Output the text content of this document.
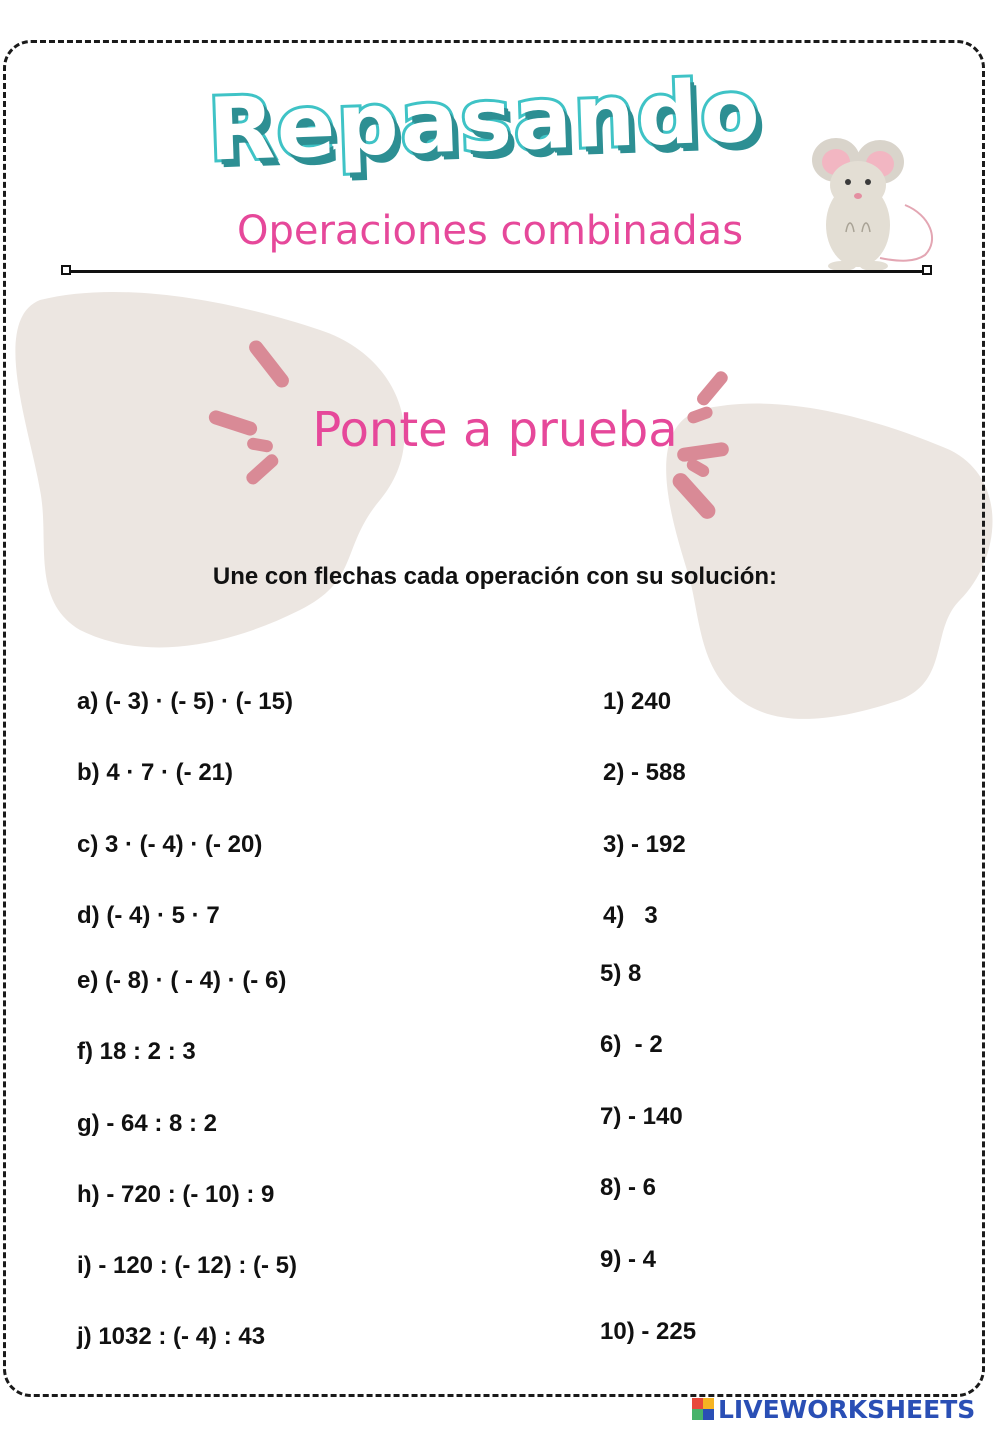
Repasando
Operaciones combinadas
Ponte a prueba
Une con flechas cada operación con su solución:
a) (- 3) · (- 5) · (- 15)
b) 4 · 7 · (- 21)
c) 3 · (- 4) · (- 20)
d) (- 4) · 5 · 7
e) (- 8) · ( - 4) · (- 6)
f) 18 : 2 : 3
g) - 64 : 8 : 2
h) - 720 : (- 10) : 9
i) - 120 : (- 12) : (- 5)
j) 1032 : (- 4) : 43
1) 240
2) - 588
3) - 192
4)   3
5) 8
6)  - 2
7) - 140
8) - 6
9) - 4
10) - 225
LIVEWORKSHEETS
